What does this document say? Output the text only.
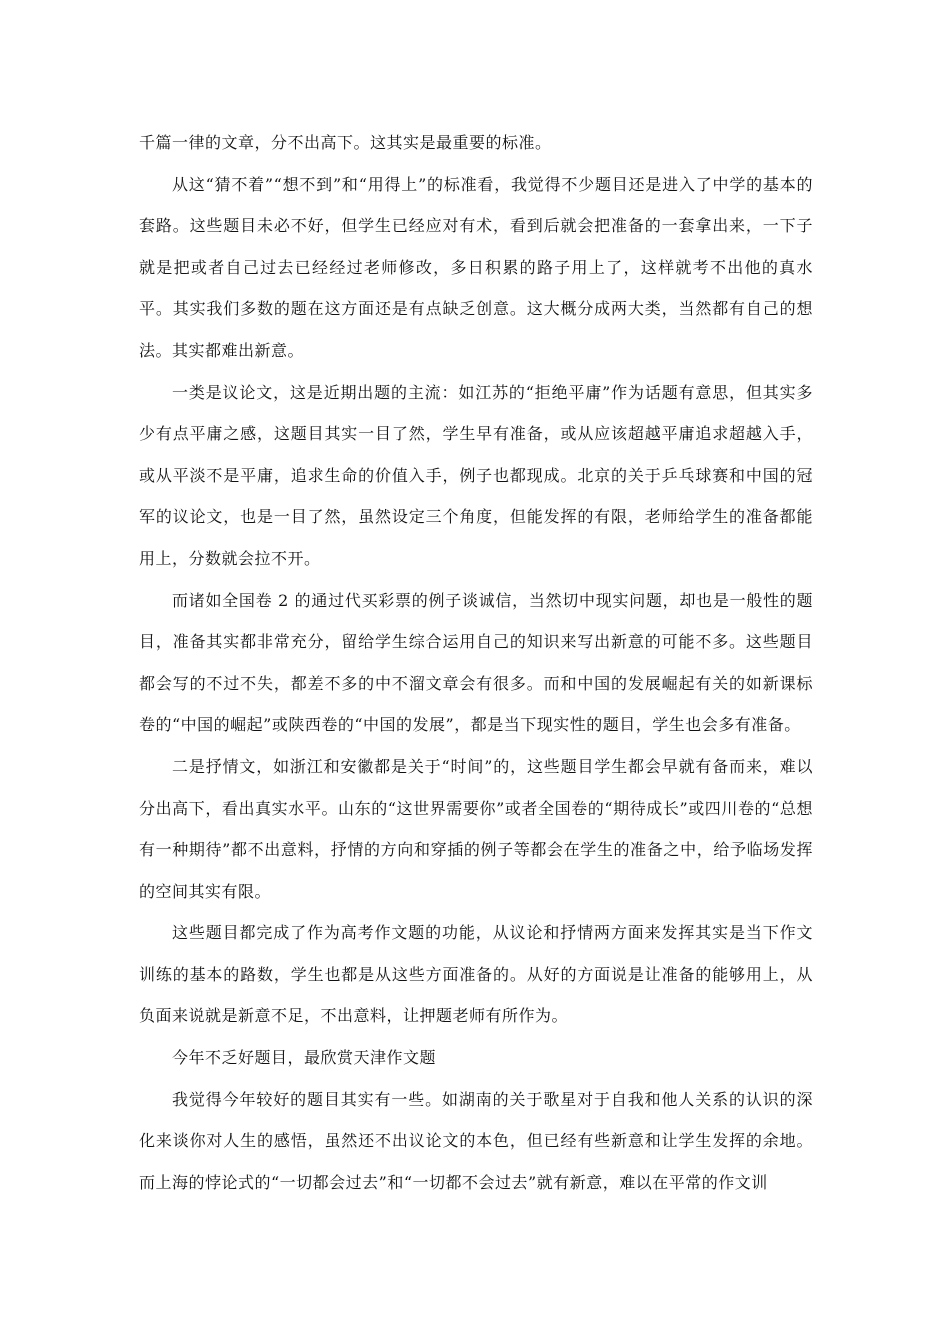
千篇一律的文章，分不出高下。这其实是最重要的标准。

从这“猜不着”“想不到”和“用得上”的标准看，我觉得不少题目还是进入了中学的基本的套路。这些题目未必不好，但学生已经应对有术，看到后就会把准备的一套拿出来，一下子就是把或者自己过去已经经过老师修改，多日积累的路子用上了，这样就考不出他的真水平。其实我们多数的题在这方面还是有点缺乏创意。这大概分成两大类，当然都有自己的想法。其实都难出新意。

一类是议论文，这是近期出题的主流：如江苏的“拒绝平庸”作为话题有意思，但其实多少有点平庸之感，这题目其实一目了然，学生早有准备，或从应该超越平庸追求超越入手，或从平淡不是平庸，追求生命的价值入手，例子也都现成。北京的关于乒乓球赛和中国的冠军的议论文，也是一目了然，虽然设定三个角度，但能发挥的有限，老师给学生的准备都能用上，分数就会拉不开。

而诸如全国卷 2 的通过代买彩票的例子谈诚信，当然切中现实问题，却也是一般性的题目，准备其实都非常充分，留给学生综合运用自己的知识来写出新意的可能不多。这些题目都会写的不过不失，都差不多的中不溜文章会有很多。而和中国的发展崛起有关的如新课标卷的“中国的崛起”或陕西卷的“中国的发展”，都是当下现实性的题目，学生也会多有准备。

二是抒情文，如浙江和安徽都是关于“时间”的，这些题目学生都会早就有备而来，难以分出高下，看出真实水平。山东的“这世界需要你”或者全国卷的“期待成长”或四川卷的“总想有一种期待”都不出意料，抒情的方向和穿插的例子等都会在学生的准备之中，给予临场发挥的空间其实有限。

这些题目都完成了作为高考作文题的功能，从议论和抒情两方面来发挥其实是当下作文训练的基本的路数，学生也都是从这些方面准备的。从好的方面说是让准备的能够用上，从负面来说就是新意不足，不出意料，让押题老师有所作为。

今年不乏好题目，最欣赏天津作文题

我觉得今年较好的题目其实有一些。如湖南的关于歌星对于自我和他人关系的认识的深化来谈你对人生的感悟，虽然还不出议论文的本色，但已经有些新意和让学生发挥的余地。而上海的悖论式的“一切都会过去”和“一切都不会过去”就有新意，难以在平常的作文训
